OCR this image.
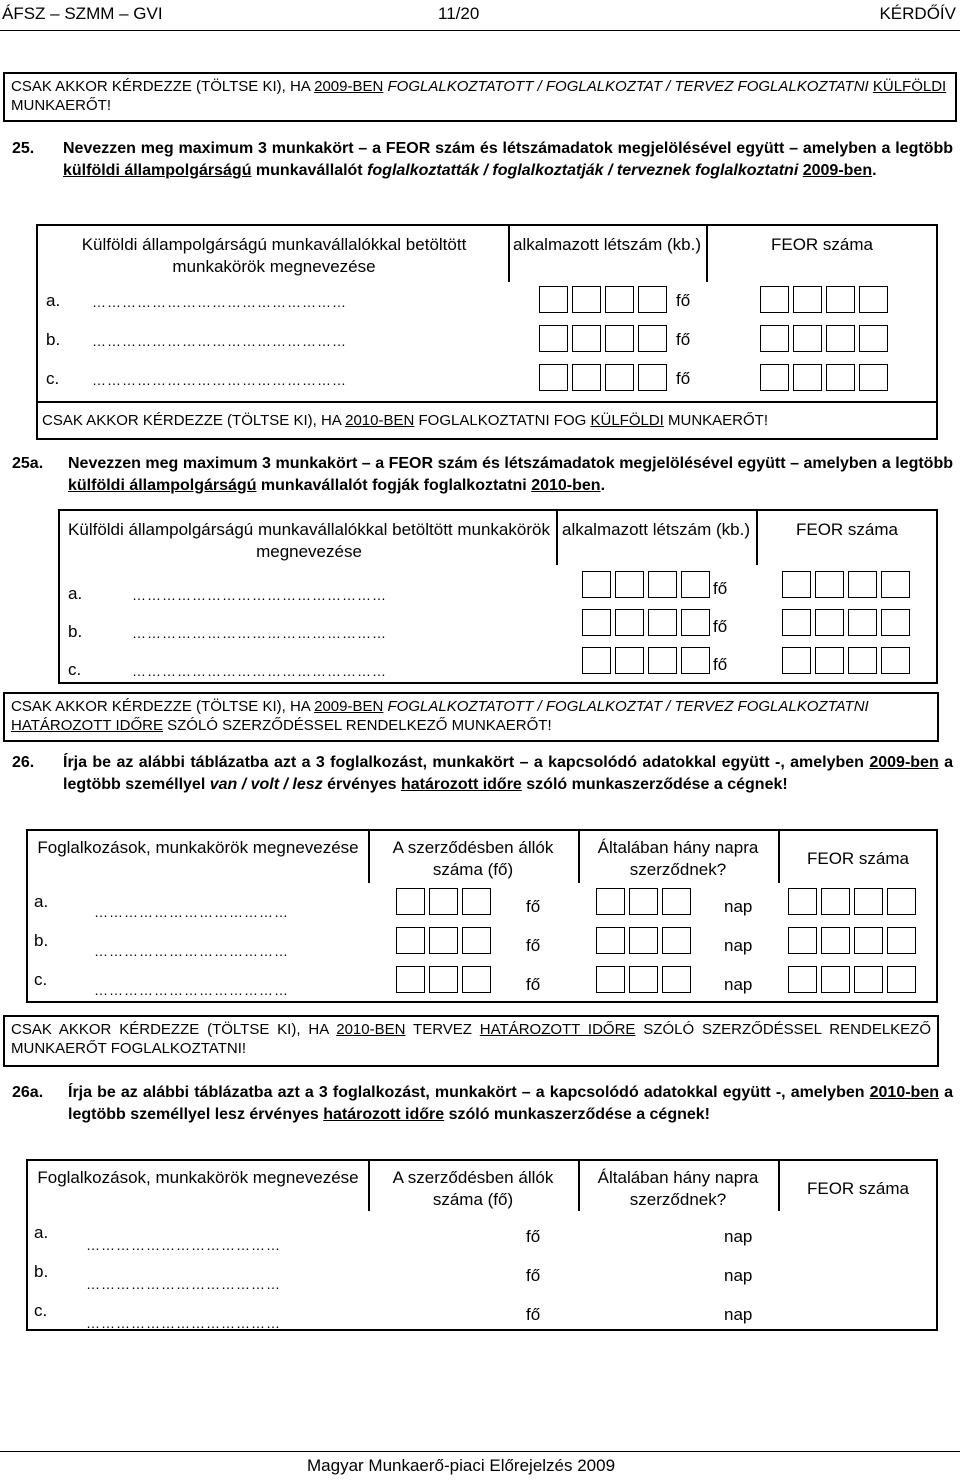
ÁFSZ – SZMM – GVI	11/20	KÉRDŐÍV
CSAK AKKOR KÉRDEZZE (TÖLTSE KI), HA 2009-BEN FOGLALKOZTATOTT / FOGLALKOZTAT / TERVEZ FOGLALKOZTATNI KÜLFÖLDI MUNKAERŐT!
25. Nevezzen meg maximum 3 munkakört – a FEOR szám és létszámadatok megjelölésével együtt – amelyben a legtöbb külföldi állampolgárságú munkavállalót foglalkoztatták / foglalkoztatják / terveznek foglalkoztatni 2009-ben.
Külföldi állampolgárságú munkavállalókkal betöltött munkakörök megnevezése
alkalmazott létszám (kb.)	FEOR száma
a. ……………………………………………	fő
b. ……………………………………………	fő
c. ……………………………………………	fő
CSAK AKKOR KÉRDEZZE (TÖLTSE KI), HA 2010-BEN FOGLALKOZTATNI FOG KÜLFÖLDI MUNKAERŐT!
25a. Nevezzen meg maximum 3 munkakört – a FEOR szám és létszámadatok megjelölésével együtt – amelyben a legtöbb külföldi állampolgárságú munkavállalót fogják foglalkoztatni 2010-ben.
Külföldi állampolgárságú munkavállalókkal betöltött munkakörök megnevezése
alkalmazott létszám (kb.)	FEOR száma
a.	……………………………………………	fő
b.	……………………………………………	fő
c.	……………………………………………	fő
CSAK AKKOR KÉRDEZZE (TÖLTSE KI), HA 2009-BEN FOGLALKOZTATOTT / FOGLALKOZTAT / TERVEZ FOGLALKOZTATNI HATÁROZOTT IDŐRE SZÓLÓ SZERZŐDÉSSEL RENDELKEZŐ MUNKAERŐT!
26. Írja be az alábbi táblázatba azt a 3 foglalkozást, munkakört – a kapcsolódó adatokkal együtt -, amelyben 2009-ben a legtöbb személlyel van / volt / lesz érvényes határozott időre szóló munkaszerződése a cégnek!
Foglalkozások, munkakörök megnevezése	A szerződésben állók száma (fő)
Általában hány napra szerződnek?
FEOR száma
a.
…………………………………	fő	nap
b.
…………………………………	fő	nap
c.
…………………………………	fő	nap
CSAK AKKOR KÉRDEZZE (TÖLTSE KI), HA 2010-BEN TERVEZ HATÁROZOTT IDŐRE SZÓLÓ SZERZŐDÉSSEL RENDELKEZŐ MUNKAERŐT FOGLALKOZTATNI!
26a. Írja be az alábbi táblázatba azt a 3 foglalkozást, munkakört – a kapcsolódó adatokkal együtt -, amelyben 2010-ben a legtöbb személlyel lesz érvényes határozott időre szóló munkaszerződése a cégnek!
Foglalkozások, munkakörök megnevezése	A szerződésben állók száma (fő)
Általában hány napra szerződnek?
FEOR száma
a.
…………………………………	fő	nap
b.
…………………………………	fő	nap
c.
…………………………………	fő	nap
Magyar Munkaerő-piaci Előrejelzés 2009
